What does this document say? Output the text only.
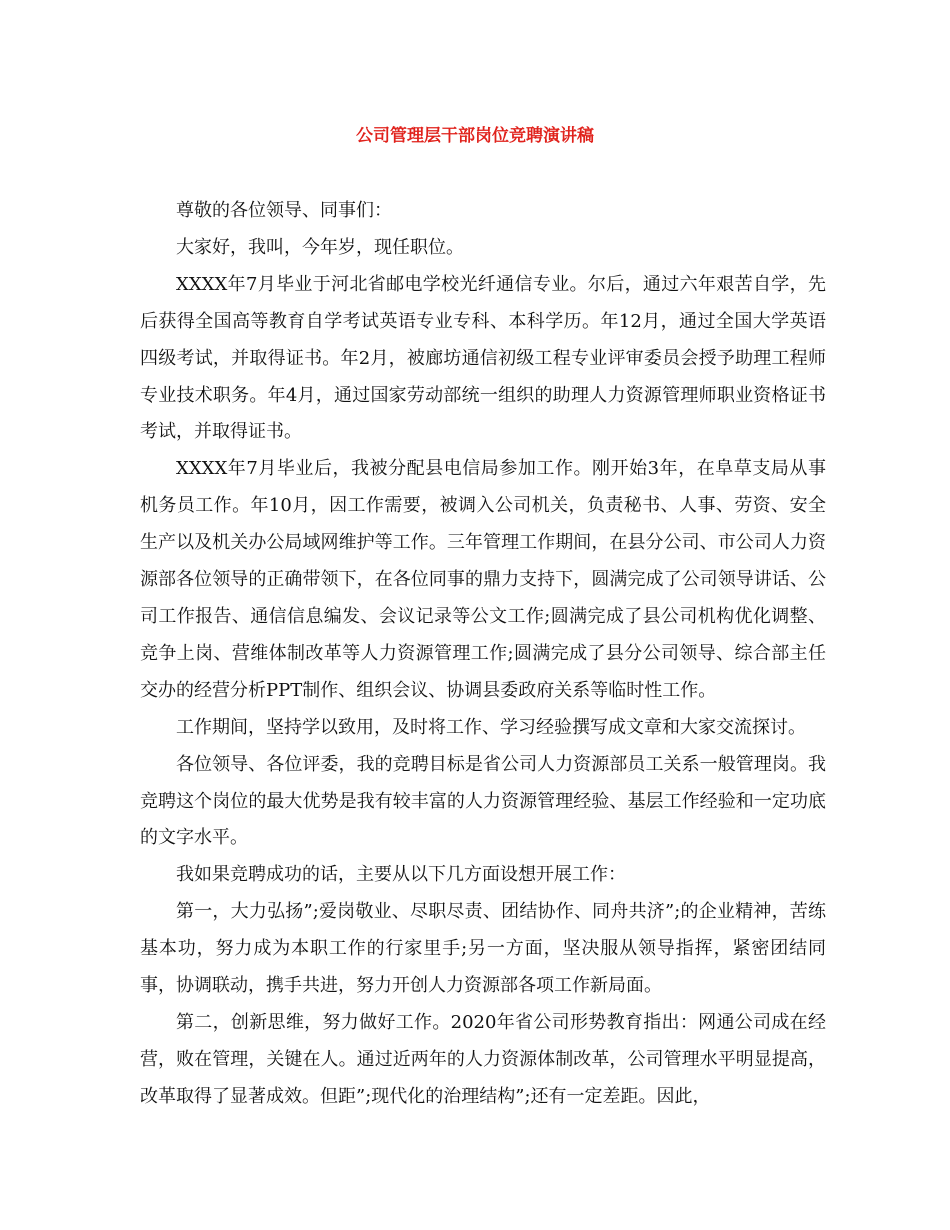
公司管理层干部岗位竞聘演讲稿

尊敬的各位领导、同事们：

大家好，我叫，今年岁，现任职位。

XXXX年7月毕业于河北省邮电学校光纤通信专业。尔后，通过六年艰苦自学，先后获得全国高等教育自学考试英语专业专科、本科学历。年12月，通过全国大学英语四级考试，并取得证书。年2月，被廊坊通信初级工程专业评审委员会授予助理工程师专业技术职务。年4月，通过国家劳动部统一组织的助理人力资源管理师职业资格证书考试，并取得证书。

XXXX年7月毕业后，我被分配县电信局参加工作。刚开始3年，在阜草支局从事机务员工作。年10月，因工作需要，被调入公司机关，负责秘书、人事、劳资、安全生产以及机关办公局域网维护等工作。三年管理工作期间，在县分公司、市公司人力资源部各位领导的正确带领下，在各位同事的鼎力支持下，圆满完成了公司领导讲话、公司工作报告、通信信息编发、会议记录等公文工作;圆满完成了县公司机构优化调整、竞争上岗、营维体制改革等人力资源管理工作;圆满完成了县分公司领导、综合部主任交办的经营分析PPT制作、组织会议、协调县委政府关系等临时性工作。

工作期间，坚持学以致用，及时将工作、学习经验撰写成文章和大家交流探讨。

各位领导、各位评委，我的竞聘目标是省公司人力资源部员工关系一般管理岗。我竞聘这个岗位的最大优势是我有较丰富的人力资源管理经验、基层工作经验和一定功底的文字水平。

我如果竞聘成功的话，主要从以下几方面设想开展工作：

第一，大力弘扬”;爱岗敬业、尽职尽责、团结协作、同舟共济”;的企业精神，苦练基本功，努力成为本职工作的行家里手;另一方面，坚决服从领导指挥，紧密团结同事，协调联动，携手共进，努力开创人力资源部各项工作新局面。

第二，创新思维，努力做好工作。2020年省公司形势教育指出：网通公司成在经营，败在管理，关键在人。通过近两年的人力资源体制改革，公司管理水平明显提高，改革取得了显著成效。但距”;现代化的治理结构”;还有一定差距。因此，
